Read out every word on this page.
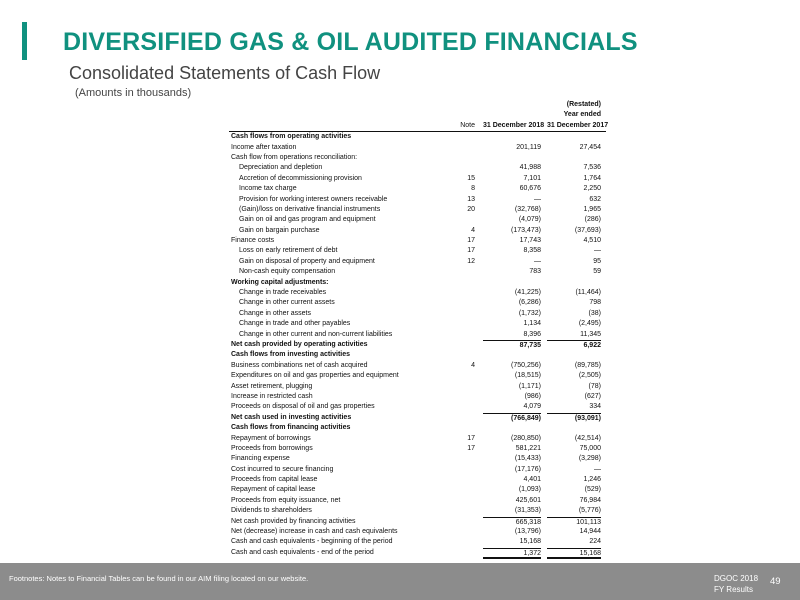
DIVERSIFIED GAS & OIL AUDITED FINANCIALS
Consolidated Statements of Cash Flow
(Amounts in thousands)
(Restated)
Year ended
Note 31 December 2018 31 December 2017
Cash flows from operating activities
Income after taxation	201,119	27,454
Cash flow from operations reconciliation:
Depreciation and depletion	41,988	7,536
Accretion of decommissioning provision	15	7,101	1,764
Income tax charge	8	60,676	2,250
Provision for working interest owners receivable	13	—	632
(Gain)/loss on derivative financial instruments	20	(32,768)	1,965
Gain on oil and gas program and equipment	(4,079)	(286)
Gain on bargain purchase	4	(173,473)	(37,693)
Finance costs	17	17,743	4,510
Loss on early retirement of debt	17	8,358	—
Gain on disposal of property and equipment	12	—	95
Non-cash equity compensation	783	59
Working capital adjustments:
Change in trade receivables	(41,225)	(11,464)
Change in other current assets	(6,286)	798
Change in other assets	(1,732)	(38)
Change in trade and other payables	1,134	(2,495)
Change in other current and non-current liabilities	8,396	11,345
Net cash provided by operating activities	87,735	6,922
Cash flows from investing activities
Business combinations net of cash acquired	4	(750,256)	(89,785)
Expenditures on oil and gas properties and equipment	(18,515)	(2,505)
Asset retirement, plugging	(1,171)	(78)
Increase in restricted cash	(986)	(627)
Proceeds on disposal of oil and gas properties	4,079	334
Net cash used in investing activities	(766,849)	(93,091)
Cash flows from financing activities
Repayment of borrowings	17	(280,850)	(42,514)
Proceeds from borrowings	17	581,221	75,000
Financing expense	(15,433)	(3,298)
Cost incurred to secure financing	(17,176)	—
Proceeds from capital lease	4,401	1,246
Repayment of capital lease	(1,093)	(529)
Proceeds from equity issuance, net	425,601	76,984
Dividends to shareholders	(31,353)	(5,776)
Net cash provided by financing activities	665,318	101,113
Net (decrease) increase in cash and cash equivalents	(13,796)	14,944
Cash and cash equivalents - beginning of the period	15,168	224
Cash and cash equivalents - end of the period	1,372	15,168
Footnotes: Notes to Financial Tables can be found in our AIM filing located on our website.	DGOC 2018
FY Results
49
